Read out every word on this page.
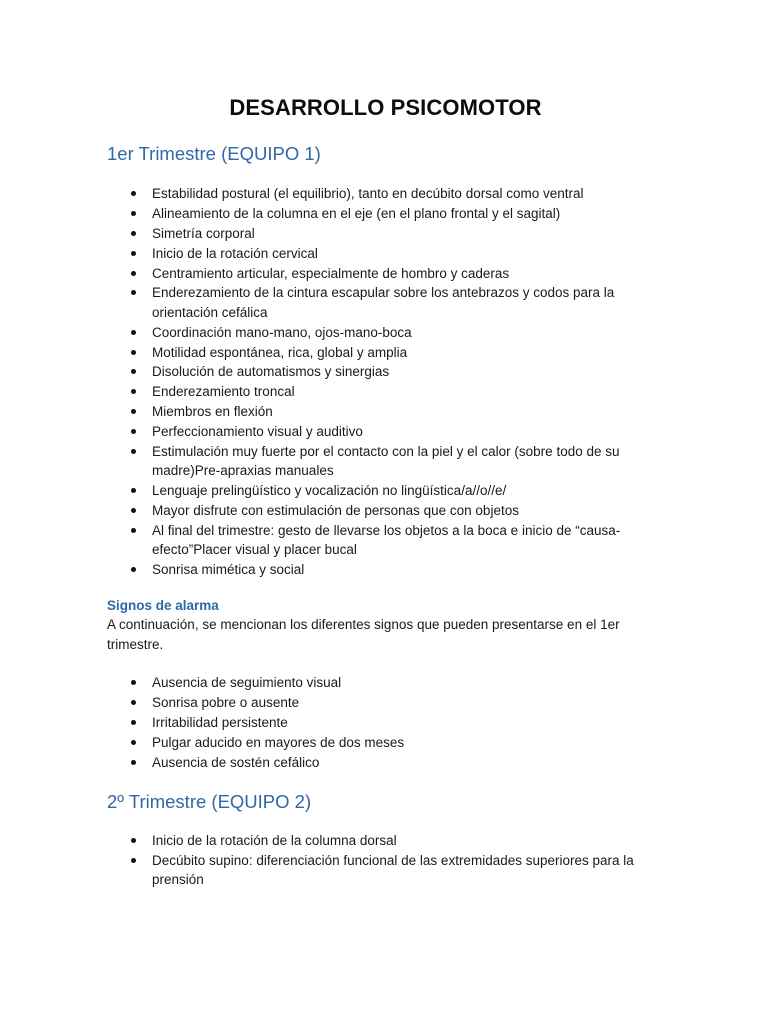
DESARROLLO PSICOMOTOR
1er Trimestre (EQUIPO 1)
Estabilidad postural (el equilibrio), tanto en decúbito dorsal como ventral
Alineamiento de la columna en el eje (en el plano frontal y el sagital)
Simetría corporal
Inicio de la rotación cervical
Centramiento articular, especialmente de hombro y caderas
Enderezamiento de la cintura escapular sobre los antebrazos y codos para la orientación cefálica
Coordinación mano-mano, ojos-mano-boca
Motilidad espontánea, rica, global y amplia
Disolución de automatismos y sinergias
Enderezamiento troncal
Miembros en flexión
Perfeccionamiento visual y auditivo
Estimulación muy fuerte por el contacto con la piel y el calor (sobre todo de su madre)Pre-apraxias manuales
Lenguaje prelingüístico y vocalización no lingüística/a//o//e/
Mayor disfrute con estimulación de personas que con objetos
Al final del trimestre: gesto de llevarse los objetos a la boca e inicio de “causa-efecto”Placer visual y placer bucal
Sonrisa mimética y social
Signos de alarma

A continuación, se mencionan los diferentes signos que pueden presentarse en el 1er trimestre.

Ausencia de seguimiento visual
Sonrisa pobre o ausente
Irritabilidad persistente
Pulgar aducido en mayores de dos meses
Ausencia de sostén cefálico
2º Trimestre (EQUIPO 2)
Inicio de la rotación de la columna dorsal
Decúbito supino: diferenciación funcional de las extremidades superiores para la prensión
